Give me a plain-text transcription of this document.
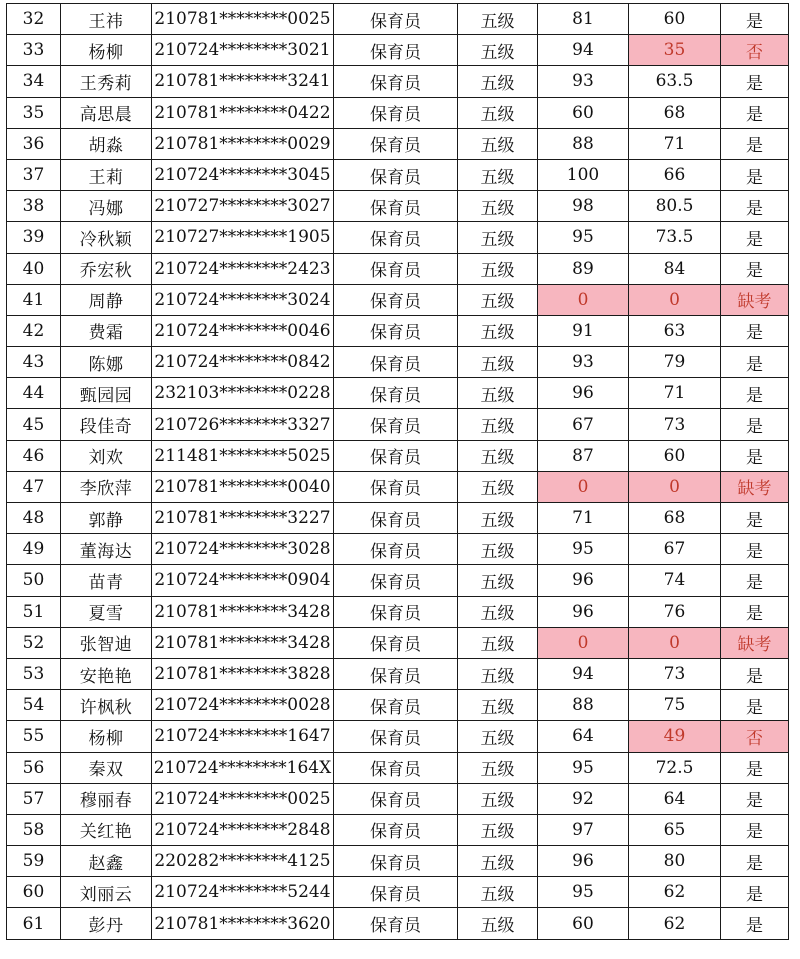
32	王祎	210781********0025	保育员	五级	81	60	是
33	杨柳	210724********3021	保育员	五级	94	35	否
34	王秀莉	210781********3241	保育员	五级	93	63.5	是
35	高思晨	210781********0422	保育员	五级	60	68	是
36	胡淼	210781********0029	保育员	五级	88	71	是
37	王莉	210724********3045	保育员	五级	100	66	是
38	冯娜	210727********3027	保育员	五级	98	80.5	是
39	冷秋颖	210727********1905	保育员	五级	95	73.5	是
40	乔宏秋	210724********2423	保育员	五级	89	84	是
41	周静	210724********3024	保育员	五级	0	0	缺考
42	费霜	210724********0046	保育员	五级	91	63	是
43	陈娜	210724********0842	保育员	五级	93	79	是
44	甄园园	232103********0228	保育员	五级	96	71	是
45	段佳奇	210726********3327	保育员	五级	67	73	是
46	刘欢	211481********5025	保育员	五级	87	60	是
47	李欣萍	210781********0040	保育员	五级	0	0	缺考
48	郭静	210781********3227	保育员	五级	71	68	是
49	董海达	210724********3028	保育员	五级	95	67	是
50	苗青	210724********0904	保育员	五级	96	74	是
51	夏雪	210781********3428	保育员	五级	96	76	是
52	张智迪	210781********3428	保育员	五级	0	0	缺考
53	安艳艳	210781********3828	保育员	五级	94	73	是
54	许枫秋	210724********0028	保育员	五级	88	75	是
55	杨柳	210724********1647	保育员	五级	64	49	否
56	秦双	210724********164X	保育员	五级	95	72.5	是
57	穆丽春	210724********0025	保育员	五级	92	64	是
58	关红艳	210724********2848	保育员	五级	97	65	是
59	赵鑫	220282********4125	保育员	五级	96	80	是
60	刘丽云	210724********5244	保育员	五级	95	62	是
61	彭丹	210781********3620	保育员	五级	60	62	是
